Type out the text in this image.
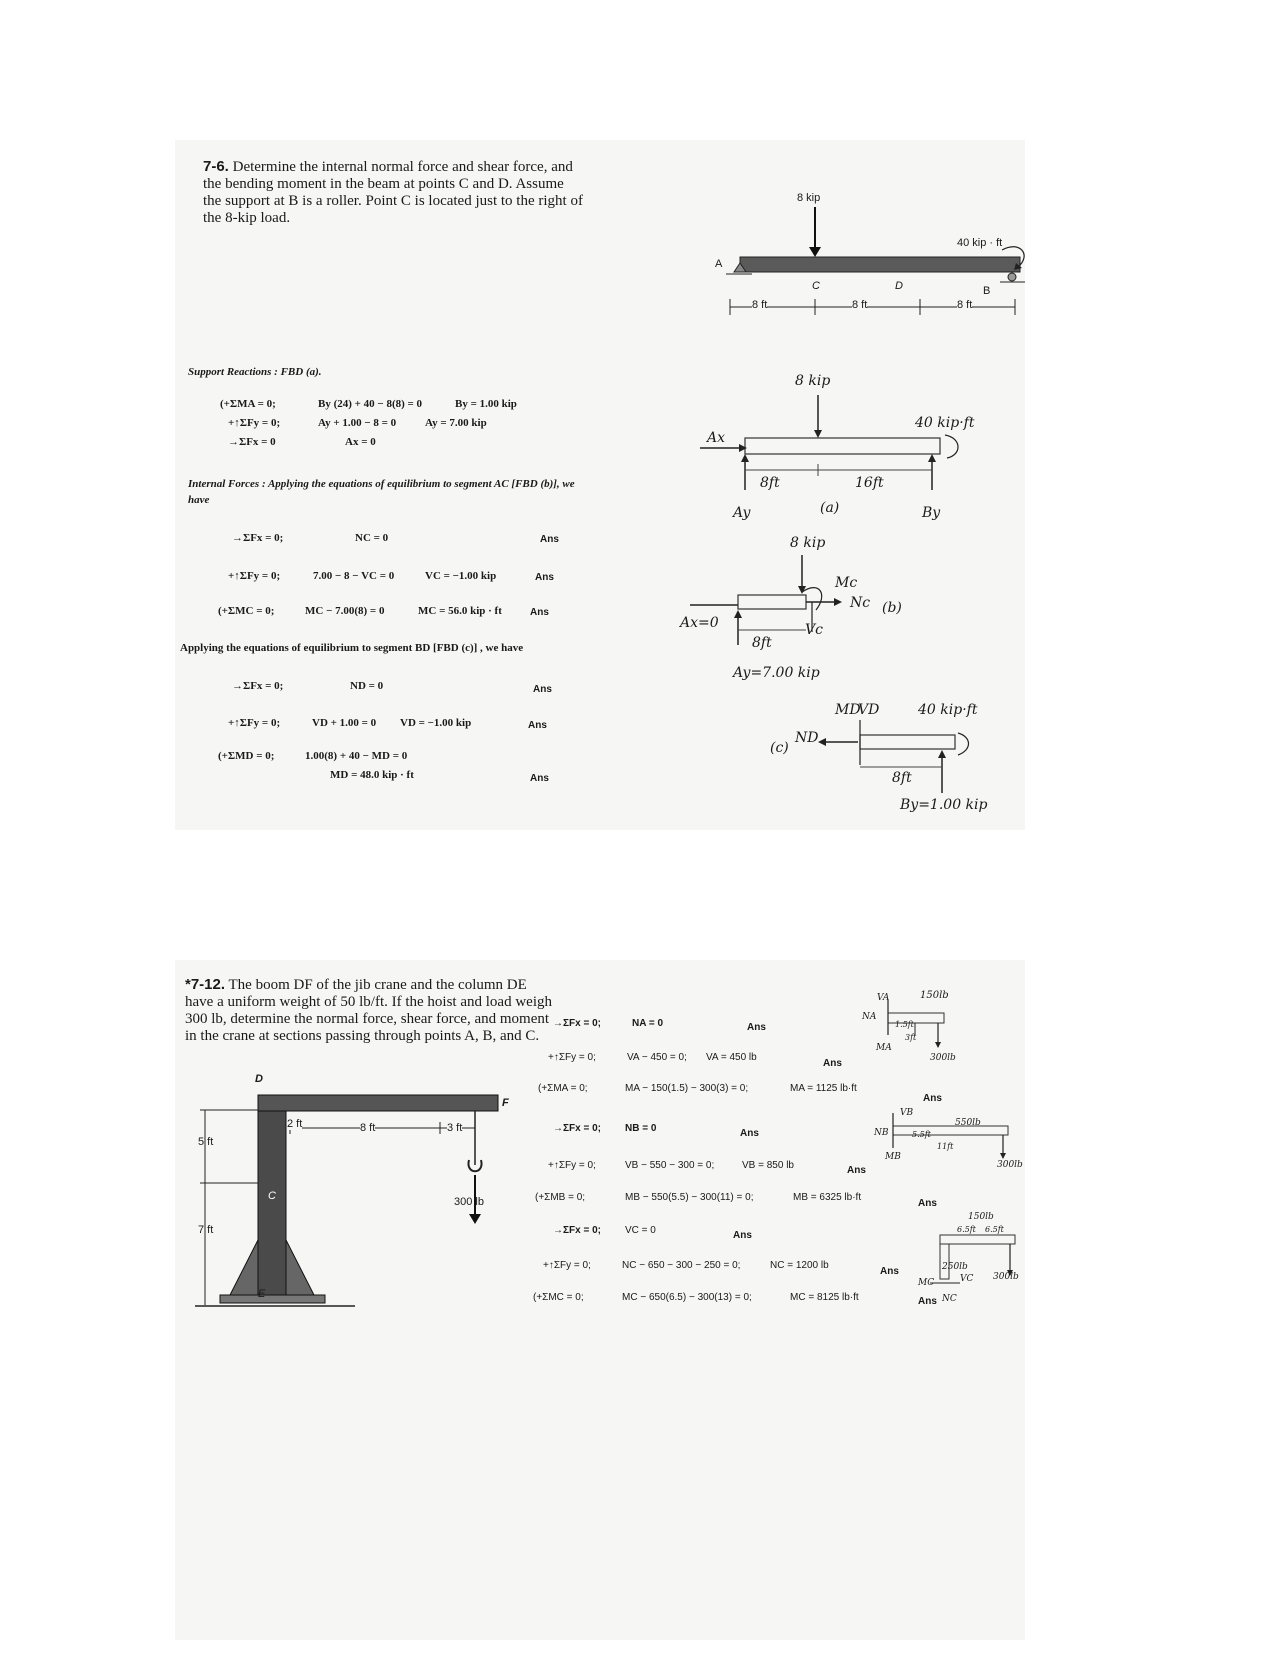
7-6. Determine the internal normal force and shear force, and the bending moment in the beam at points C and D. Assume the support at B is a roller. Point C is located just to the right of the 8-kip load.
8 kip
40 kip · ft
A
B
C	D
8 ft	8 ft	8 ft
Support Reactions : FBD (a).
(+ΣMA = 0;	By (24) + 40 − 8(8) = 0	By = 1.00 kip
+↑ΣFy = 0;	Ay + 1.00 − 8 = 0	Ay = 7.00 kip
→ΣFx = 0	Ax = 0
Internal Forces : Applying the equations of equilibrium to segment AC [FBD (b)], we have
→ΣFx = 0;	NC = 0	Ans
+↑ΣFy = 0;	7.00 − 8 − VC = 0	VC = −1.00 kip	Ans
(+ΣMC = 0;	MC − 7.00(8) = 0	MC = 56.0 kip · ft	Ans
Applying the equations of equilibrium to segment BD [FBD (c)] , we have
→ΣFx = 0;	ND = 0	Ans
+↑ΣFy = 0;	VD + 1.00 = 0 VD = −1.00 kip	Ans
(+ΣMD = 0;	1.00(8) + 40 − MD = 0
MD = 48.0 kip · ft	Ans
8 kip
40 kip·ft
Ax
8ft	16ft
Ay	(a)	By
8 kip
Mc
Nc (b)
Ax=0	Vc
8ft
Ay=7.00 kip
MD
VD	40 kip·ft
(c)
ND
8ft
By=1.00 kip
*7-12. The boom DF of the jib crane and the column DE have a uniform weight of 50 lb/ft. If the hoist and load weigh 300 lb, determine the normal force, shear force, and moment in the crane at sections passing through points A, B, and C.
D
F
E
C
5 ft
7 ft
2 ft	8 ft	3 ft
300 lb
→ΣFx = 0;	NA = 0	Ans
+↑ΣFy = 0;	VA − 450 = 0; VA = 450 lb
Ans
(+ΣMA = 0;	MA − 150(1.5) − 300(3) = 0;	MA = 1125 lb·ft
Ans
→ΣFx = 0; NB = 0	Ans
+↑ΣFy = 0;	VB − 550 − 300 = 0;	VB = 850 lb	Ans
(+ΣMB = 0;	MB − 550(5.5) − 300(11) = 0;	MB = 6325 lb·ft
Ans
→ΣFx = 0; VC = 0	Ans
+↑ΣFy = 0;	NC − 650 − 300 − 250 = 0;	NC = 1200 lb
Ans
(+ΣMC = 0;	MC − 650(6.5) − 300(13) = 0;	MC = 8125 lb·ft
VA
NA
MA
150lb
1.5ft
3ft
300lb
VB
NB
MB
550lb
5.5ft
11ft
300lb
150lb
6.5ft 6.5ft
250lb
300lb
MC	VC
NC
Ans
